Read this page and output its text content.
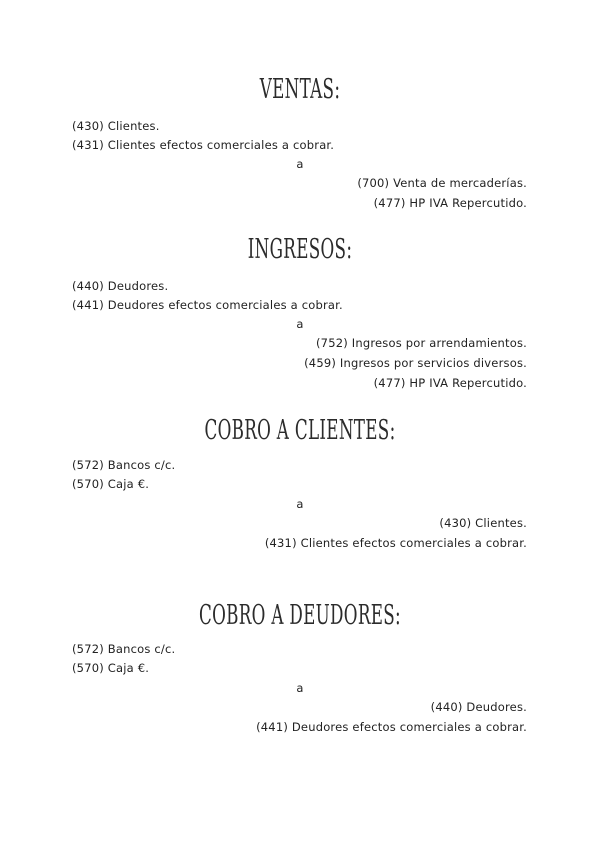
VENTAS:
(430) Clientes.
(431) Clientes efectos comerciales a cobrar.
a
(700) Venta de mercaderías.
(477) HP IVA Repercutido.
INGRESOS:
(440) Deudores.
(441) Deudores efectos comerciales a cobrar.
a
(752) Ingresos por arrendamientos.
(459) Ingresos por servicios diversos.
(477) HP IVA Repercutido.
COBRO A CLIENTES:
(572) Bancos c/c.
(570) Caja €.
a
(430) Clientes.
(431) Clientes efectos comerciales a cobrar.
COBRO A DEUDORES:
(572) Bancos c/c.
(570) Caja €.
a
(440) Deudores.
(441) Deudores efectos comerciales a cobrar.
